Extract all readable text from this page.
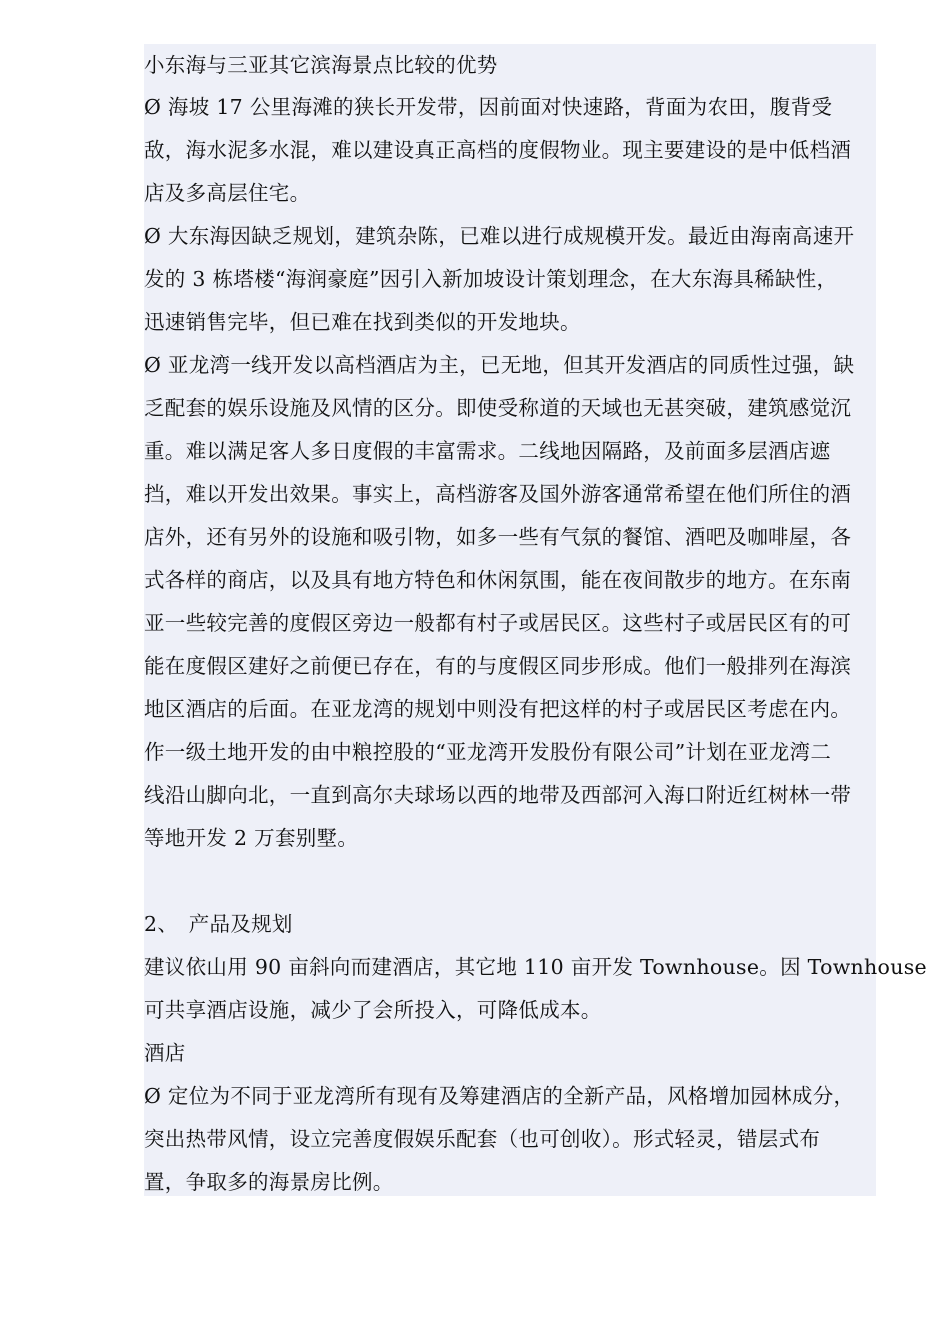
小东海与三亚其它滨海景点比较的优势
Ø 海坡 17 公里海滩的狭长开发带，因前面对快速路，背面为农田，腹背受
敌，海水泥多水混，难以建设真正高档的度假物业。现主要建设的是中低档酒
店及多高层住宅。
Ø 大东海因缺乏规划，建筑杂陈，已难以进行成规模开发。最近由海南高速开
发的 3 栋塔楼“海润豪庭”因引入新加坡设计策划理念，在大东海具稀缺性，
迅速销售完毕，但已难在找到类似的开发地块。
Ø 亚龙湾一线开发以高档酒店为主，已无地，但其开发酒店的同质性过强，缺
乏配套的娱乐设施及风情的区分。即使受称道的天域也无甚突破，建筑感觉沉
重。难以满足客人多日度假的丰富需求。二线地因隔路，及前面多层酒店遮
挡，难以开发出效果。事实上，高档游客及国外游客通常希望在他们所住的酒
店外，还有另外的设施和吸引物，如多一些有气氛的餐馆、酒吧及咖啡屋，各
式各样的商店，以及具有地方特色和休闲氛围，能在夜间散步的地方。在东南
亚一些较完善的度假区旁边一般都有村子或居民区。这些村子或居民区有的可
能在度假区建好之前便已存在，有的与度假区同步形成。他们一般排列在海滨
地区酒店的后面。在亚龙湾的规划中则没有把这样的村子或居民区考虑在内。
作一级土地开发的由中粮控股的“亚龙湾开发股份有限公司”计划在亚龙湾二
线沿山脚向北，一直到高尔夫球场以西的地带及西部河入海口附近红树林一带
等地开发 2 万套别墅。
2、　产品及规划
建议依山用 90 亩斜向而建酒店，其它地 110 亩开发 Townhouse。因 Townhouse
可共享酒店设施，减少了会所投入，可降低成本。
酒店
Ø 定位为不同于亚龙湾所有现有及筹建酒店的全新产品，风格增加园林成分，
突出热带风情，设立完善度假娱乐配套（也可创收）。形式轻灵，错层式布
置，争取多的海景房比例。
